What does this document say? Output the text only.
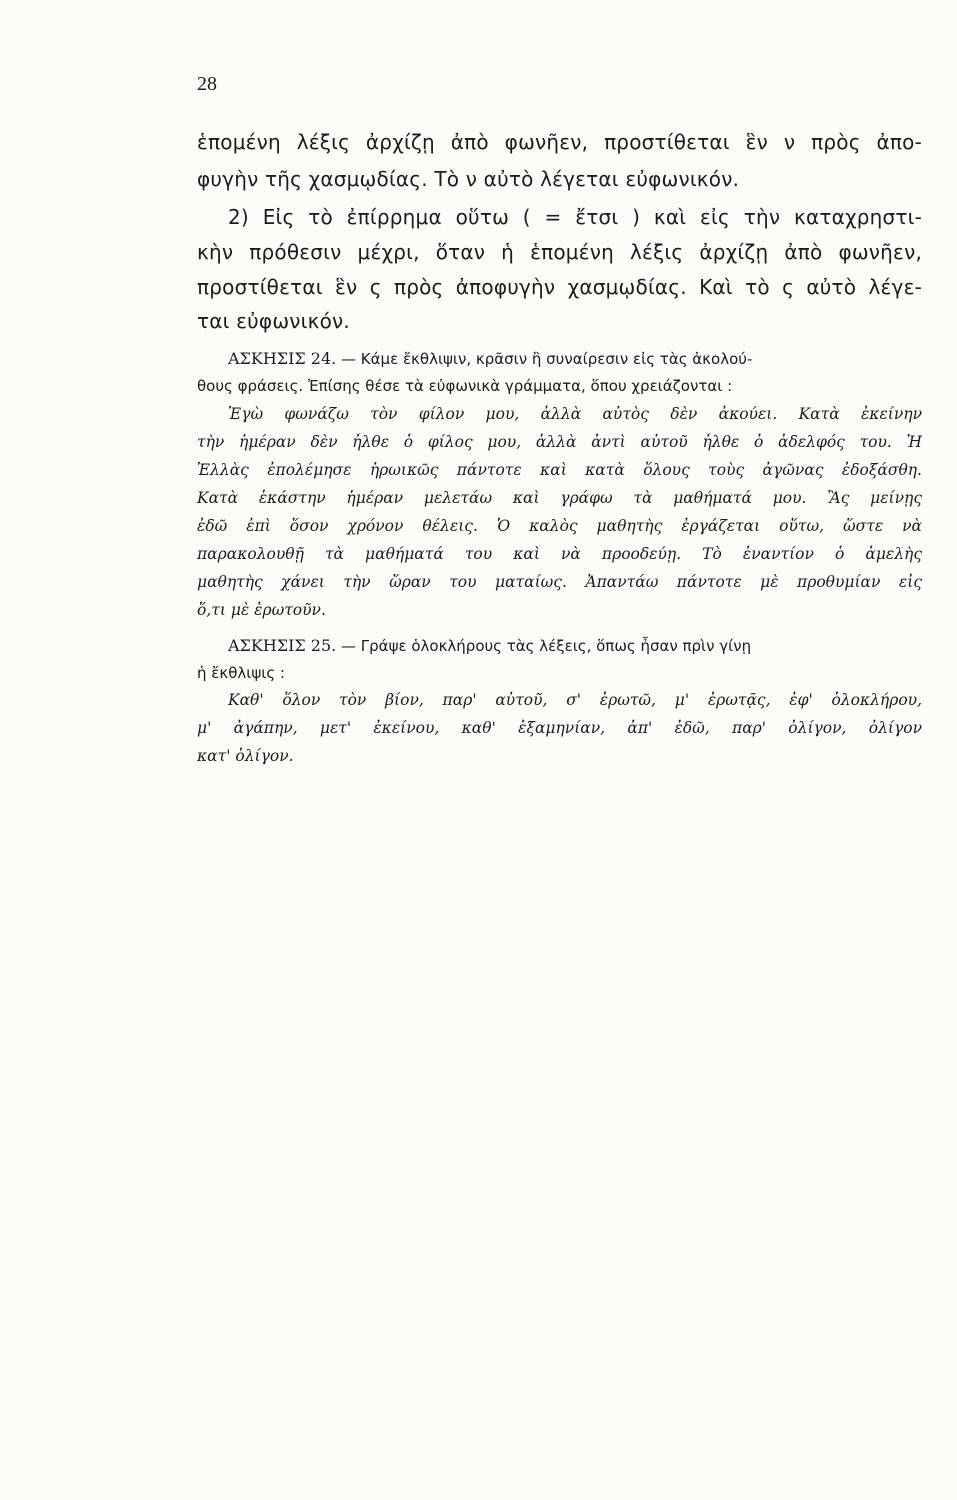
28
ἑπομένη λέξις ἀρχίζῃ ἀπὸ φωνῆεν, προστίθεται ἓν ν πρὸς ἀπο-
φυγὴν τῆς χασμῳδίας. Τὸ ν αὐτὸ λέγεται εὐφωνικόν.
2) Εἰς τὸ ἐπίρρημα οὕτω ( = ἔτσι ) καὶ εἰς τὴν καταχρηστι-
κὴν πρόθεσιν μέχρι, ὅταν ἡ ἑπομένη λέξις ἀρχίζῃ ἀπὸ φωνῆεν,
προστίθεται ἓν ς πρὸς ἀποφυγὴν χασμῳδίας. Καὶ τὸ ς αὐτὸ λέγε-
ται εὐφωνικόν.
ΑΣΚΗΣΙΣ 24. — Κάμε ἔκθλιψιν, κρᾶσιν ἢ συναίρεσιν εἰς τὰς ἀκολού-
θους φράσεις. Ἐπίσης θέσε τὰ εὐφωνικὰ γράμματα, ὅπου χρειάζονται :
Ἐγὼ φωνάζω τὸν φίλον μου, ἀλλὰ αὐτὸς δὲν ἀκούει. Κατὰ ἐκείνην
τὴν ἡμέραν δὲν ἦλθε ὁ φίλος μου, ἀλλὰ ἀντὶ αὐτοῦ ἦλθε ὁ ἀδελφός του. Ἡ
Ἑλλὰς ἐπολέμησε ἡρωικῶς πάντοτε καὶ κατὰ ὅλους τοὺς ἀγῶνας ἐδοξάσθη.
Κατὰ ἑκάστην ἡμέραν μελετάω καὶ γράφω τὰ μαθήματά μου. Ἂς μείνῃς
ἐδῶ ἐπὶ ὅσον χρόνον θέλεις. Ὁ καλὸς μαθητὴς ἐργάζεται οὕτω, ὥστε νὰ
παρακολουθῇ τὰ μαθήματά του καὶ νὰ προοδεύῃ. Τὸ ἐναντίον ὁ ἀμελὴς
μαθητὴς χάνει τὴν ὥραν του ματαίως. Ἀπαντάω πάντοτε μὲ προθυμίαν εἰς
ὅ,τι μὲ ἐρωτοῦν.
ΑΣΚΗΣΙΣ 25. — Γράψε ὁλοκλήρους τὰς λέξεις, ὅπως ἦσαν πρὶν γίνῃ
ἡ ἔκθλιψις :
Καθ' ὅλον τὸν βίον, παρ' αὐτοῦ, σ' ἐρωτῶ, μ' ἐρωτᾷς, ἐφ' ὁλοκλήρου,
μ' ἀγάπην, μετ' ἐκείνου, καθ' ἑξαμηνίαν, ἀπ' ἐδῶ, παρ' ὀλίγον, ὀλίγον
κατ' ὀλίγον.
